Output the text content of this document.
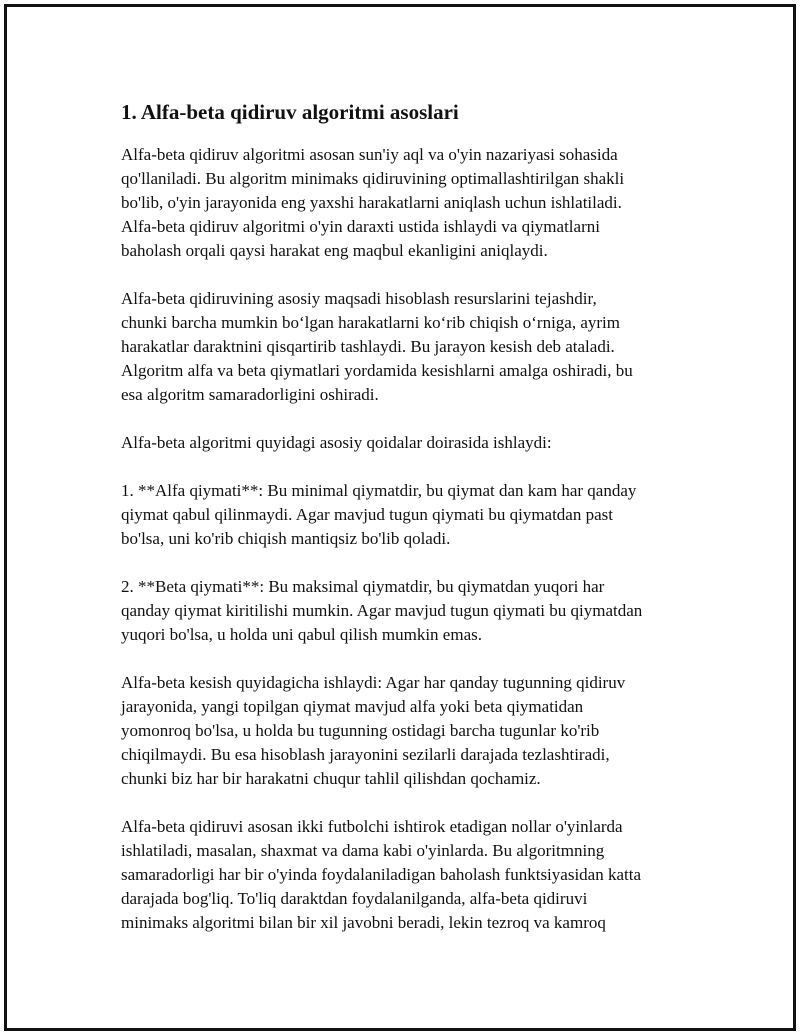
1. Alfa-beta qidiruv algoritmi asoslari

Alfa-beta qidiruv algoritmi asosan sun'iy aql va o'yin nazariyasi sohasida
qo'llaniladi. Bu algoritm minimaks qidiruvining optimallashtirilgan shakli
bo'lib, o'yin jarayonida eng yaxshi harakatlarni aniqlash uchun ishlatiladi.
Alfa-beta qidiruv algoritmi o'yin daraxti ustida ishlaydi va qiymatlarni
baholash orqali qaysi harakat eng maqbul ekanligini aniqlaydi.

Alfa-beta qidiruvining asosiy maqsadi hisoblash resurslarini tejashdir,
chunki barcha mumkin bo‘lgan harakatlarni ko‘rib chiqish o‘rniga, ayrim
harakatlar daraktnini qisqartirib tashlaydi. Bu jarayon kesish deb ataladi.
Algoritm alfa va beta qiymatlari yordamida kesishlarni amalga oshiradi, bu
esa algoritm samaradorligini oshiradi.

Alfa-beta algoritmi quyidagi asosiy qoidalar doirasida ishlaydi:

1. **Alfa qiymati**: Bu minimal qiymatdir, bu qiymat dan kam har qanday
qiymat qabul qilinmaydi. Agar mavjud tugun qiymati bu qiymatdan past
bo'lsa, uni ko'rib chiqish mantiqsiz bo'lib qoladi.

2. **Beta qiymati**: Bu maksimal qiymatdir, bu qiymatdan yuqori har
qanday qiymat kiritilishi mumkin. Agar mavjud tugun qiymati bu qiymatdan
yuqori bo'lsa, u holda uni qabul qilish mumkin emas.

Alfa-beta kesish quyidagicha ishlaydi: Agar har qanday tugunning qidiruv
jarayonida, yangi topilgan qiymat mavjud alfa yoki beta qiymatidan
yomonroq bo'lsa, u holda bu tugunning ostidagi barcha tugunlar ko'rib
chiqilmaydi. Bu esa hisoblash jarayonini sezilarli darajada tezlashtiradi,
chunki biz har bir harakatni chuqur tahlil qilishdan qochamiz.

Alfa-beta qidiruvi asosan ikki futbolchi ishtirok etadigan nollar o'yinlarda
ishlatiladi, masalan, shaxmat va dama kabi o'yinlarda. Bu algoritmning
samaradorligi har bir o'yinda foydalaniladigan baholash funktsiyasidan katta
darajada bog'liq. To'liq daraktdan foydalanilganda, alfa-beta qidiruvi
minimaks algoritmi bilan bir xil javobni beradi, lekin tezroq va kamroq
